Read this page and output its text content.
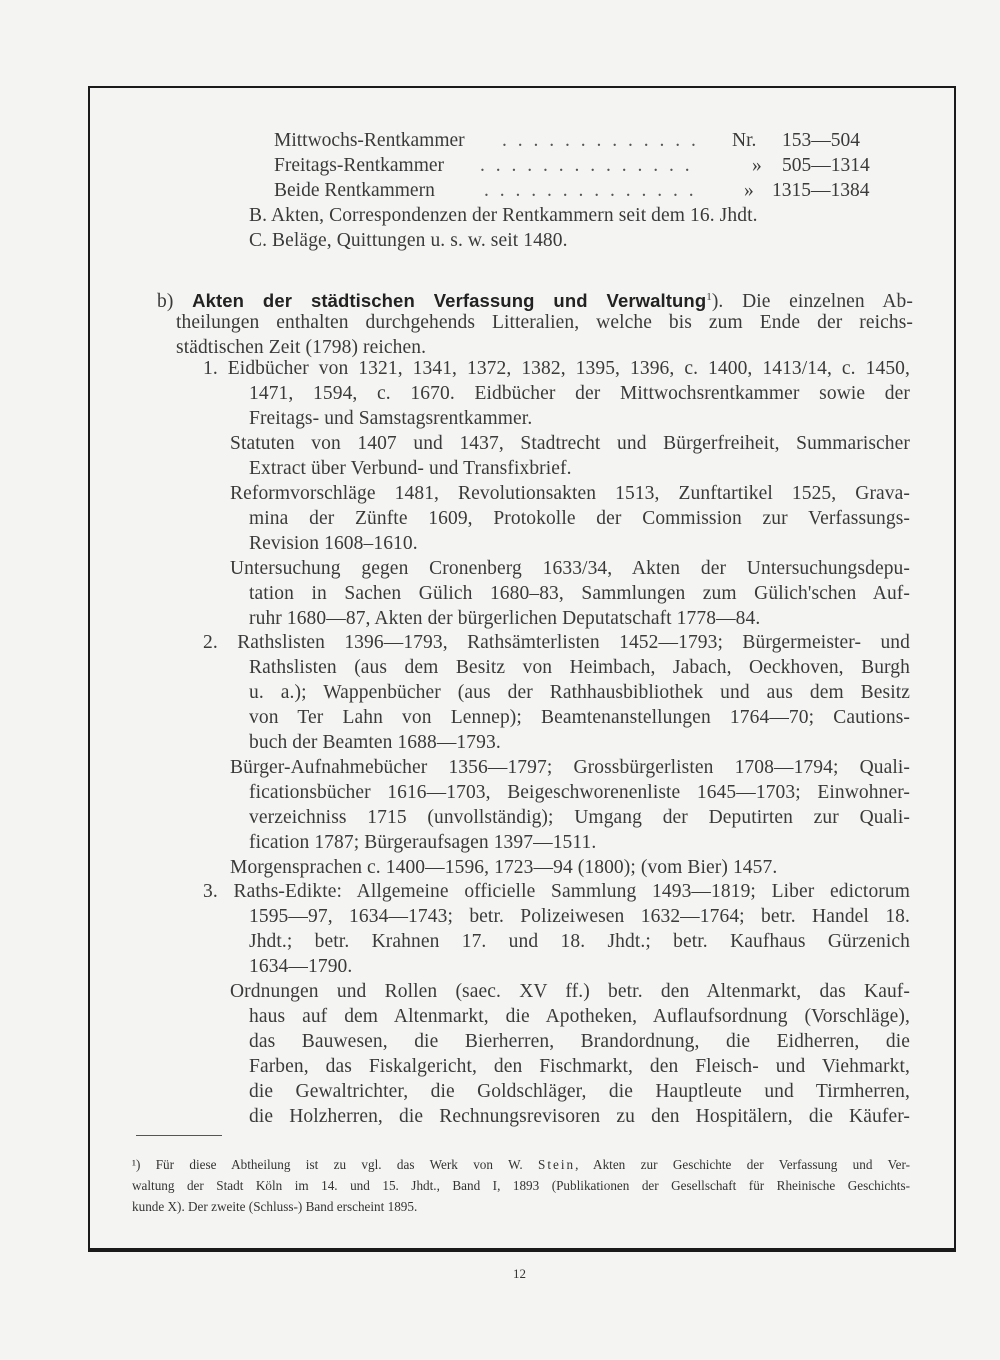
Mittwochs-Rentkammer . . . . . . . . . . . . . Nr. 153—504
Freitags-Rentkammer . . . . . . . . . . . . . .	» 505—1314
Beide Rentkammern	. . . . . . . . . . . . . . » 1315—1384
B. Akten, Correspondenzen der Rentkammern seit dem 16. Jhdt.
C. Beläge, Quittungen u. s. w. seit 1480.
b) Akten der städtischen Verfassung und Verwaltung$^1$). Die einzelnen Ab-
theilungen enthalten durchgehends Litteralien, welche bis zum Ende der reichs-
städtischen Zeit (1798) reichen.
1. Eidbücher von 1321, 1341, 1372, 1382, 1395, 1396, c. 1400, 1413/14, c. 1450,
1471, 1594, c. 1670. Eidbücher der Mittwochsrentkammer sowie der
Freitags- und Samstagsrentkammer.
Statuten von 1407 und 1437, Stadtrecht und Bürgerfreiheit, Summarischer
Extract über Verbund- und Transfixbrief.
Reformvorschläge 1481, Revolutionsakten 1513, Zunftartikel 1525, Grava-
mina der Zünfte 1609, Protokolle der Commission zur Verfassungs-
Revision 1608–1610.
Untersuchung gegen Cronenberg 1633/34, Akten der Untersuchungsdepu-
tation in Sachen Gülich 1680–83, Sammlungen zum Gülich'schen Auf-
ruhr 1680—87, Akten der bürgerlichen Deputatschaft 1778—84.
2. Rathslisten 1396—1793, Rathsämterlisten 1452—1793; Bürgermeister- und
Rathslisten (aus dem Besitz von Heimbach, Jabach, Oeckhoven, Burgh
u. a.); Wappenbücher (aus der Rathhausbibliothek und aus dem Besitz
von Ter Lahn von Lennep); Beamtenanstellungen 1764—70; Cautions-
buch der Beamten 1688—1793.
Bürger-Aufnahmebücher 1356—1797; Grossbürgerlisten 1708—1794; Quali-
ficationsbücher 1616—1703, Beigeschworenenliste 1645—1703; Einwohner-
verzeichniss 1715 (unvollständig); Umgang der Deputirten zur Quali-
fication 1787; Bürgeraufsagen 1397—1511.
Morgensprachen c. 1400—1596, 1723—94 (1800); (vom Bier) 1457.
3. Raths-Edikte: Allgemeine officielle Sammlung 1493—1819; Liber edictorum
1595—97, 1634—1743; betr. Polizeiwesen 1632—1764; betr. Handel 18.
Jhdt.; betr. Krahnen 17. und 18. Jhdt.; betr. Kaufhaus Gürzenich
1634—1790.
Ordnungen und Rollen (saec. XV ff.) betr. den Altenmarkt, das Kauf-
haus auf dem Altenmarkt, die Apotheken, Auflaufsordnung (Vorschläge),
das Bauwesen, die Bierherren, Brandordnung, die Eidherren, die
Farben, das Fiskalgericht, den Fischmarkt, den Fleisch- und Viehmarkt,
die Gewaltrichter, die Goldschläger, die Hauptleute und Tirmherren,
die Holzherren, die Rechnungsrevisoren zu den Hospitälern, die Käufer-
¹) Für diese Abtheilung ist zu vgl. das Werk von W. Stein, Akten zur Geschichte der Verfassung und Ver-
waltung der Stadt Köln im 14. und 15. Jhdt., Band I, 1893 (Publikationen der Gesellschaft für Rheinische Geschichts-
kunde X). Der zweite (Schluss-) Band erscheint 1895.
12
